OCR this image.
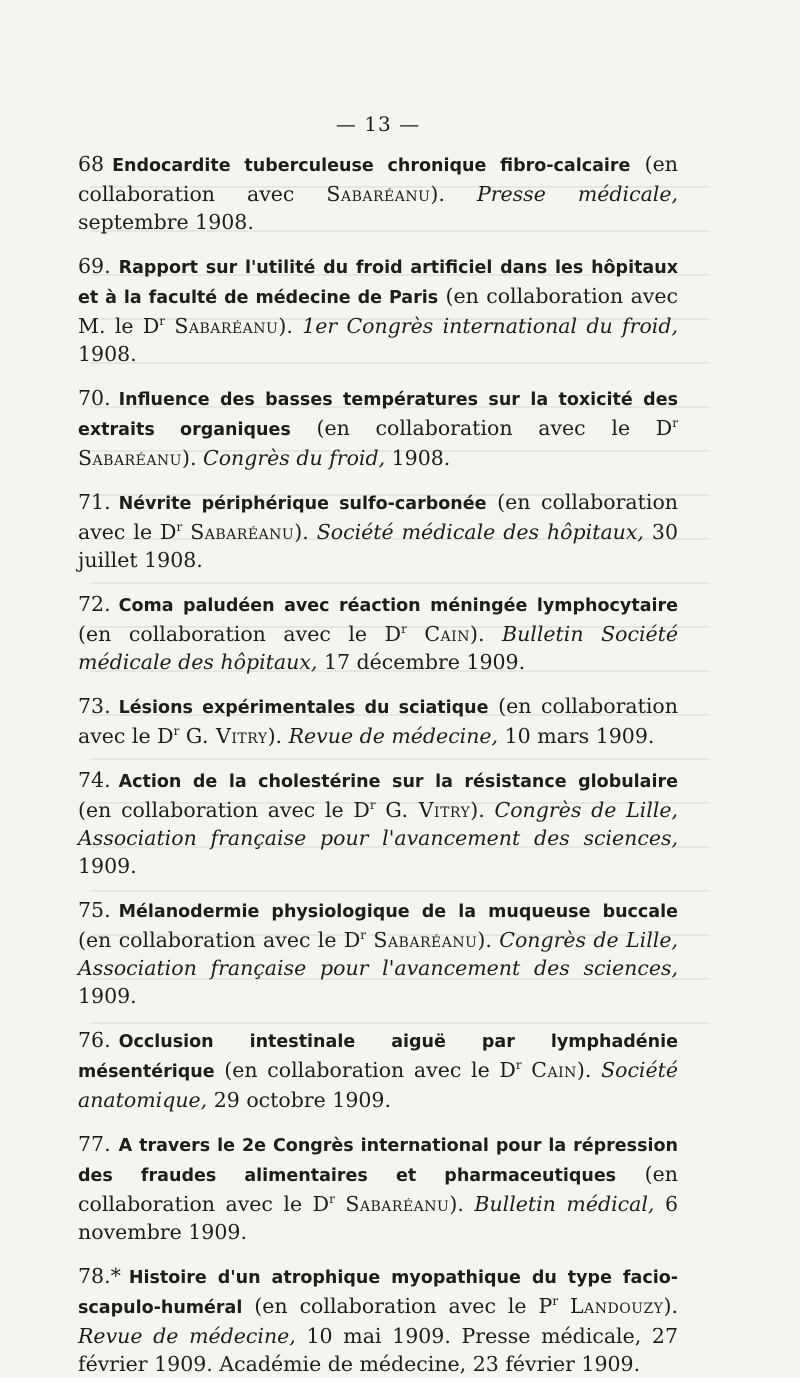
— 13 —

68 Endocardite tuberculeuse chronique fibro-calcaire (en collaboration avec Sabaréanu). Presse médicale, septembre 1908.

69. Rapport sur l'utilité du froid artificiel dans les hôpitaux et à la faculté de médecine de Paris (en collaboration avec M. le $D^r$ Sabaréanu). 1er Congrès international du froid, 1908.

70. Influence des basses températures sur la toxicité des extraits organiques (en collaboration avec le $D^r$ Sabaréanu). Congrès du froid, 1908.

71. Névrite périphérique sulfo-carbonée (en collaboration avec le $D^r$ Sabaréanu). Société médicale des hôpitaux, 30 juillet 1908.

72. Coma paludéen avec réaction méningée lymphocytaire (en collaboration avec le $D^r$ Cain). Bulletin Société médicale des hôpitaux, 17 décembre 1909.

73. Lésions expérimentales du sciatique (en collaboration avec le $D^r$ G. Vitry). Revue de médecine, 10 mars 1909.

74. Action de la cholestérine sur la résistance globulaire (en collaboration avec le $D^r$ G. Vitry). Congrès de Lille, Association française pour l'avancement des sciences, 1909.

75. Mélanodermie physiologique de la muqueuse buccale (en collaboration avec le $D^r$ Sabaréanu). Congrès de Lille, Association française pour l'avancement des sciences, 1909.

76. Occlusion intestinale aiguë par lymphadénie mésentérique (en collaboration avec le $D^r$ Cain). Société anatomique, 29 octobre 1909.

77. A travers le 2e Congrès international pour la répression des fraudes alimentaires et pharmaceutiques (en collaboration avec le $D^r$ Sabaréanu). Bulletin médical, 6 novembre 1909.

78.* Histoire d'un atrophique myopathique du type facio-scapulo-huméral (en collaboration avec le $P^r$ Landouzy). Revue de médecine, 10 mai 1909. Presse médicale, 27 février 1909. Académie de médecine, 23 février 1909.
